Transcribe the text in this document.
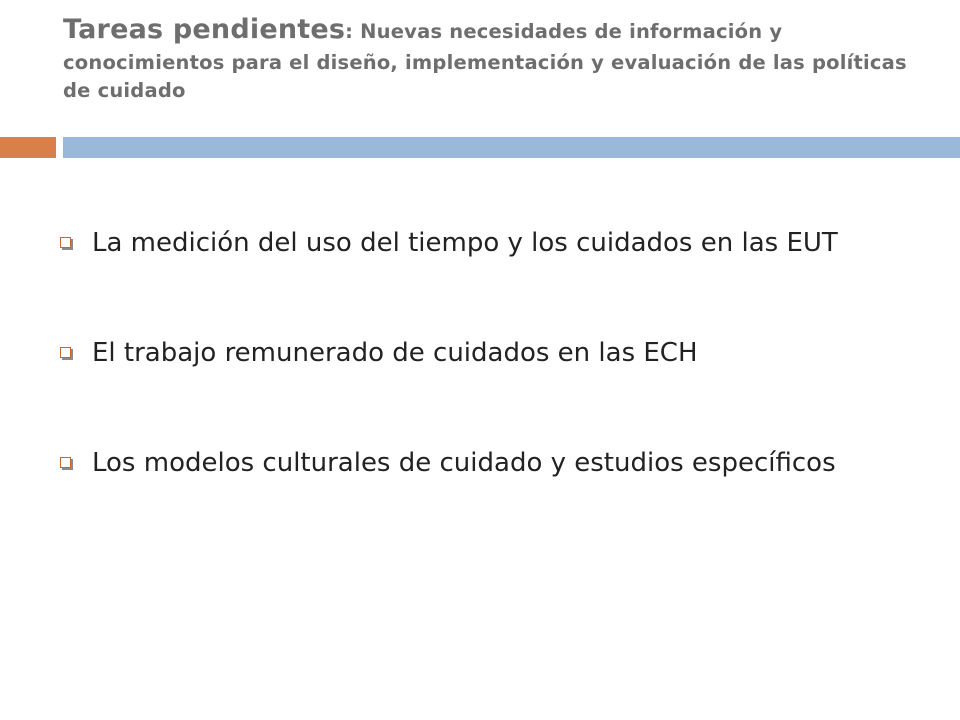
Tareas pendientes: Nuevas necesidades de información y conocimientos para el diseño, implementación y evaluación de las políticas de cuidado
La medición del uso del tiempo y los cuidados en las EUT
El trabajo remunerado de cuidados en las ECH
Los modelos culturales de cuidado y estudios específicos
